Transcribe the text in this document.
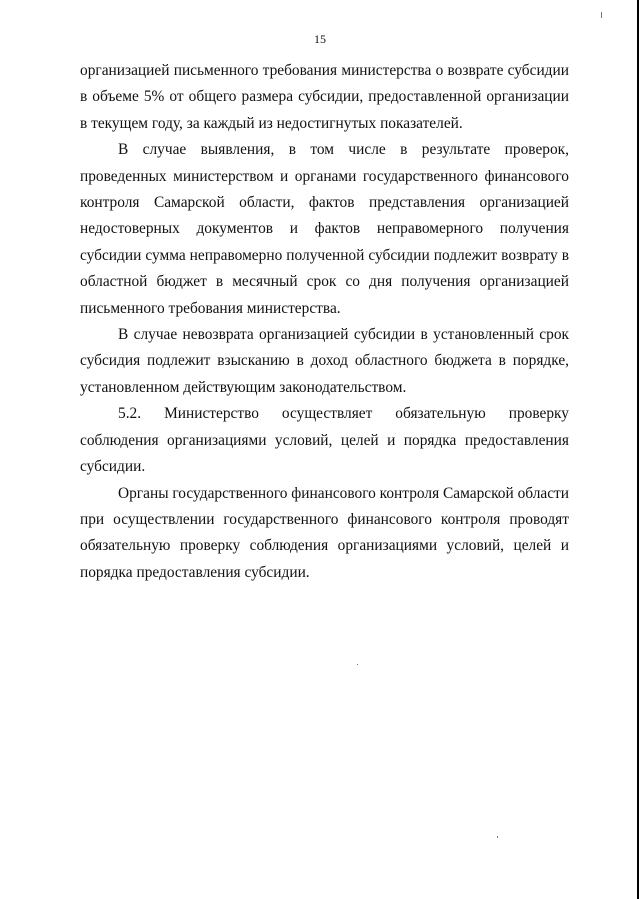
15

организацией письменного требования министерства о возврате субсидии в объеме 5% от общего размера субсидии, предоставленной организации в текущем году, за каждый из недостигнутых показателей.

В случае выявления, в том числе в результате проверок, проведенных министерством и органами государственного финансового контроля Самарской области, фактов представления организацией недостоверных документов и фактов неправомерного получения субсидии сумма неправомерно полученной субсидии подлежит возврату в областной бюджет в месячный срок со дня получения организацией письменного требования министерства.

В случае невозврата организацией субсидии в установленный срок субсидия подлежит взысканию в доход областного бюджета в порядке, установленном действующим законодательством.

5.2. Министерство осуществляет обязательную проверку соблюдения организациями условий, целей и порядка предоставления субсидии.

Органы государственного финансового контроля Самарской области при осуществлении государственного финансового контроля проводят обязательную проверку соблюдения организациями условий, целей и порядка предоставления субсидии.
